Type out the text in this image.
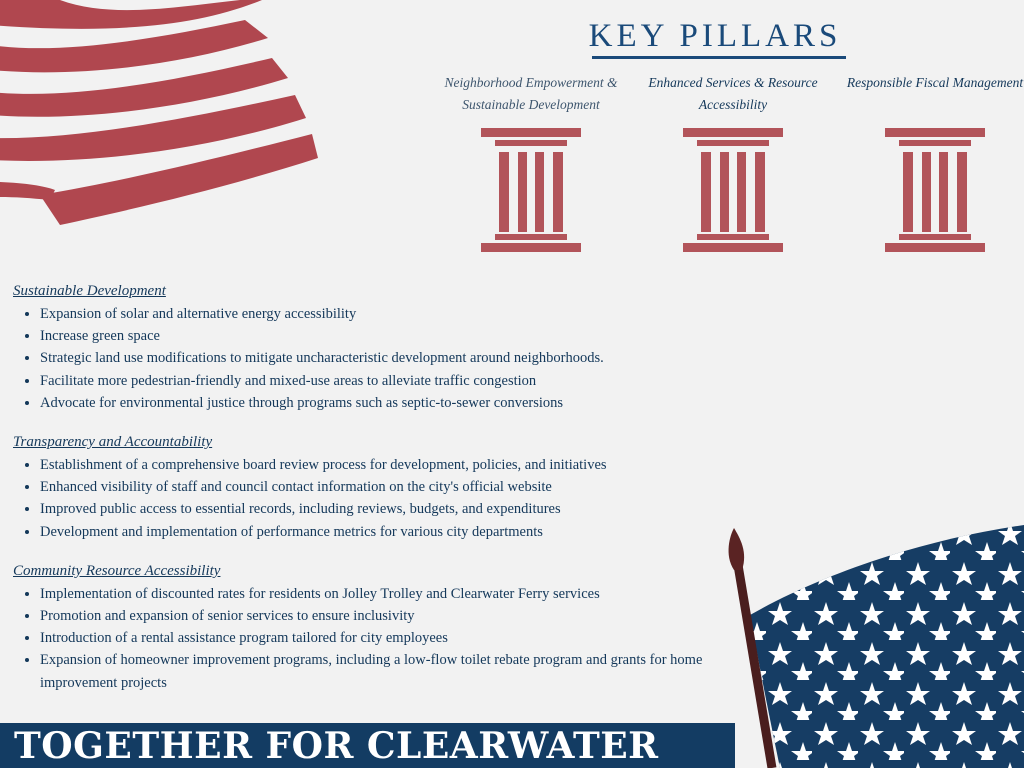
KEY PILLARS
Neighborhood Empowerment & Sustainable Development
Enhanced Services & Resource Accessibility
Responsible Fiscal Management
Sustainable Development
• Expansion of solar and alternative energy accessibility
• Increase green space
• Strategic land use modifications to mitigate uncharacteristic development around neighborhoods.
• Facilitate more pedestrian-friendly and mixed-use areas to alleviate traffic congestion
• Advocate for environmental justice through programs such as septic-to-sewer conversions
Transparency and Accountability
• Establishment of a comprehensive board review process for development, policies, and initiatives
• Enhanced visibility of staff and council contact information on the city's official website
• Improved public access to essential records, including reviews, budgets, and expenditures
• Development and implementation of performance metrics for various city departments
Community Resource Accessibility
• Implementation of discounted rates for residents on Jolley Trolley and Clearwater Ferry services
• Promotion and expansion of senior services to ensure inclusivity
• Introduction of a rental assistance program tailored for city employees
• Expansion of homeowner improvement programs, including a low-flow toilet rebate program and grants for home improvement projects
TOGETHER FOR CLEARWATER
